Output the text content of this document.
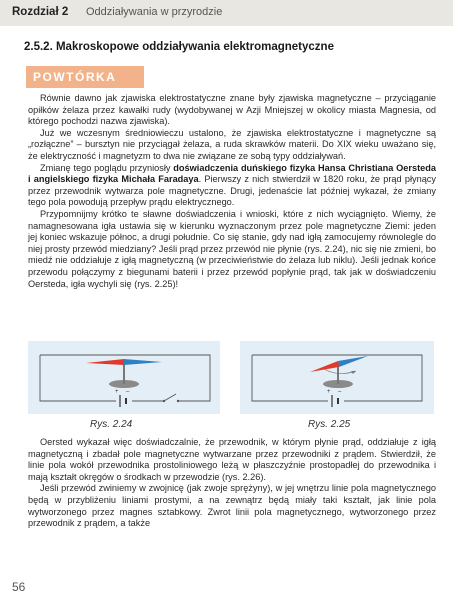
Rozdział 2 Oddziaływania w przyrodzie
2.5.2. Makroskopowe oddziaływania elektromagnetyczne
POWTÓRKA

Równie dawno jak zjawiska elektrostatyczne znane były zjawiska magnetyczne – przyciąganie opiłków żelaza przez kawałki rudy (wydobywanej w Azji Mniejszej w okolicy miasta Magnesia, od którego pochodzi nazwa zjawiska).

Już we wczesnym średniowieczu ustalono, że zjawiska elektrostatyczne i magnetyczne są „rozłączne” – bursztyn nie przyciągał żelaza, a ruda skrawków materii. Do XIX wieku uważano się, że elektryczność i magnetyzm to dwa nie związane ze sobą typy oddziaływań.

Zmianę tego poglądu przyniosły doświadczenia duńskiego fizyka Hansa Christiana Oersteda i angielskiego fizyka Michała Faradaya. Pierwszy z nich stwierdził w 1820 roku, że prąd płynący przez przewodnik wytwarza pole magnetyczne. Drugi, jedenaście lat później wykazał, że zmiany tego pola powodują przepływ prądu elektrycznego.

Przypomnijmy krótko te sławne doświadczenia i wnioski, które z nich wyciągnięto. Wiemy, że namagnesowana igła ustawia się w kierunku wyznaczonym przez pole magnetyczne Ziemi: jeden jej koniec wskazuje północ, a drugi południe. Co się stanie, gdy nad igłą zamocujemy równolegle do niej prosty przewód miedziany? Jeśli prąd przez przewód nie płynie (rys. 2.24), nic się nie zmieni, bo miedź nie oddziałuje z igłą magnetyczną (w przeciwieństwie do żelaza lub niklu). Jeśli jednak końce przewodu połączymy z biegunami baterii i przez przewód popłynie prąd, tak jak w doświadczeniu Oersteda, igła wychyli się (rys. 2.25)!

+ –
Rys. 2.24
+ –
Rys. 2.25

Oersted wykazał więc doświadczalnie, że przewodnik, w którym płynie prąd, oddziałuje z igłą magnetyczną i zbadał pole magnetyczne wytwarzane przez przewodniki z prądem. Stwierdził, że linie pola wokół przewodnika prostoliniowego leżą w płaszczyźnie prostopadłej do przewodnika i mają kształt okręgów o środkach w przewodzie (rys. 2.26).

Jeśli przewód zwiniemy w zwojnicę (jak zwoje sprężyny), w jej wnętrzu linie pola magnetycznego będą w przybliżeniu liniami prostymi, a na zewnątrz będą miały taki kształt, jak linie pola wytworzonego przez magnes sztabkowy. Zwrot linii pola magnetycznego, wytworzonego przez przewodnik z prądem, a także

56
